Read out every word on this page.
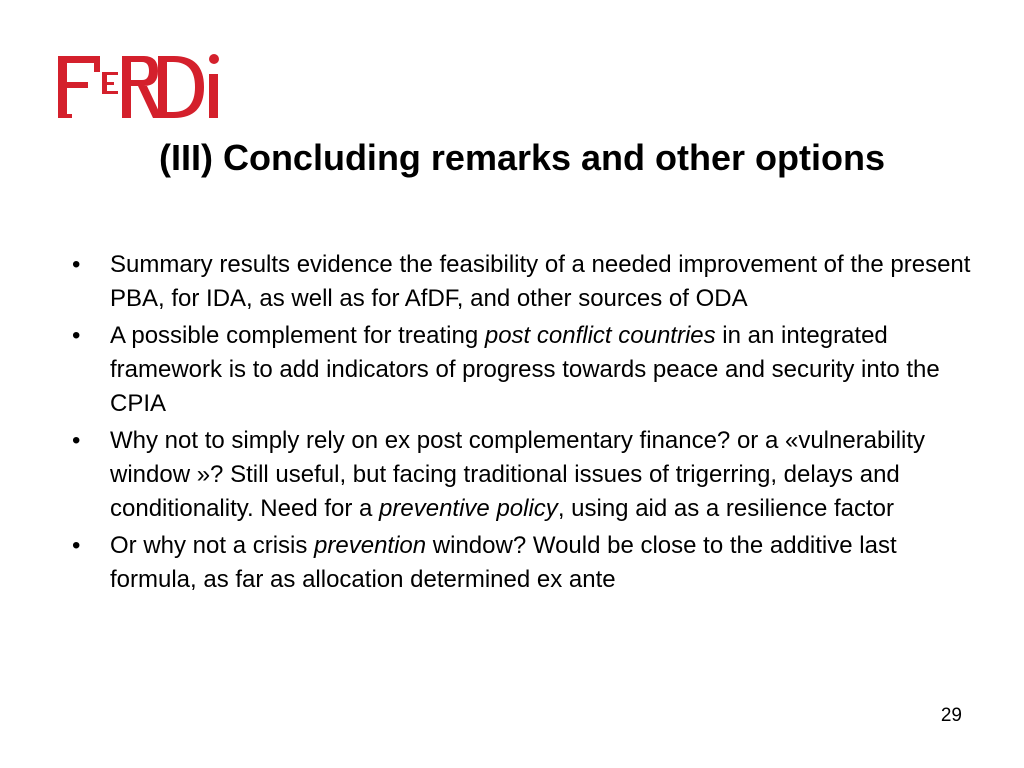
(III) Concluding remarks and other options
• Summary results evidence the feasibility of a needed improvement of the present PBA, for IDA, as well as for AfDF, and other sources of ODA
• A possible complement for treating post conflict countries in an integrated framework is to add indicators of progress towards peace and security into the CPIA
• Why not to simply rely on ex post complementary finance? or a «vulnerability window »? Still useful, but facing traditional issues of trigerring, delays and conditionality. Need for a preventive policy, using aid as a resilience factor
• Or why not a crisis prevention window? Would be close to the additive last formula, as far as allocation determined ex ante
29
